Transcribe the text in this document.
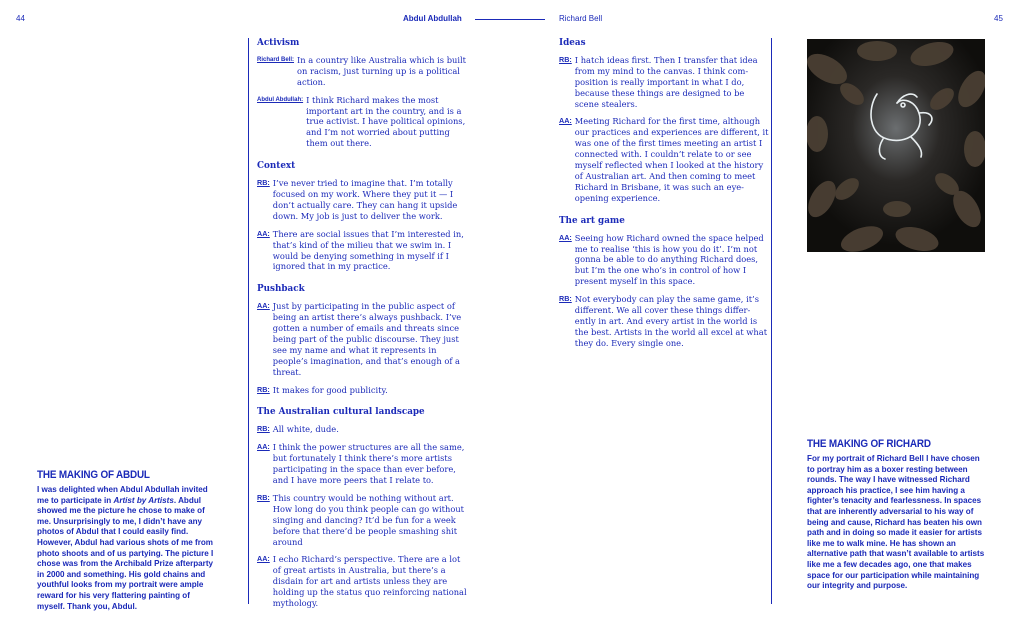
44	Abdul Abdullah	Richard Bell	45
Activism
Richard Bell: In a country like Australia which is built on racism, just turning up is a political action.
Abdul Abdullah: I think Richard makes the most important art in the country, and is a true activist. I have political opinions, and I’m not worried about putting them out there.
Context
RB: I’ve never tried to imagine that. I’m totally focused on my work. Where they put it — I don’t actually care. They can hang it upside down. My job is just to deliver the work.
AA: There are social issues that I’m interested in, that’s kind of the milieu that we swim in. I would be denying something in myself if I ignored that in my practice.
Pushback
AA: Just by participating in the public aspect of being an artist there’s always pushback. I’ve gotten a number of emails and threats since being part of the public discourse. They just see my name and what it represents in people’s imagination, and that’s enough of a threat.
RB: It makes for good publicity.
The Australian cultural landscape
RB: All white, dude.
AA: I think the power structures are all the same, but fortunately I think there’s more artists participating in the space than ever before, and I have more peers that I relate to.
RB: This country would be nothing without art. How long do you think people can go without singing and dancing? It’d be fun for a week before that there’d be people smashing shit around
AA: I echo Richard’s perspective. There are a lot of great artists in Australia, but there’s a disdain for art and artists unless they are holding up the status quo reinforcing national mythology.
Ideas
RB: I hatch ideas first. Then I transfer that idea from my mind to the canvas. I think com-position is really important in what I do, because these things are designed to be scene stealers.
AA: Meeting Richard for the first time, although our practices and experiences are different, it was one of the first times meeting an artist I connected with. I couldn’t relate to or see myself reflected when I looked at the history of Australian art. And then coming to meet Richard in Brisbane, it was such an eye-opening experience.
The art game
AA: Seeing how Richard owned the space helped me to realise ‘this is how you do it’. I’m not gonna be able to do anything Richard does, but I’m the one who’s in control of how I present myself in this space.
RB: Not everybody can play the same game, it’s different. We all cover these things differ-ently in art. And every artist in the world is the best. Artists in the world all excel at what they do. Every single one.
THE MAKING OF ABDUL
I was delighted when Abdul Abdullah invited me to participate in Artist by Artists. Abdul showed me the picture he chose to make of me. Unsurprisingly to me, I didn’t have any photos of Abdul that I could easily find. However, Abdul had various shots of me from photo shoots and of us partying. The picture I chose was from the Archibald Prize afterparty in 2000 and something. His gold chains and youthful looks from my portrait were ample reward for his very flattering painting of myself. Thank you, Abdul.
THE MAKING OF RICHARD
For my portrait of Richard Bell I have chosen to portray him as a boxer resting between rounds. The way I have witnessed Richard approach his practice, I see him having a fighter’s tenacity and fearlessness. In spaces that are inherently adversarial to his way of being and cause, Richard has beaten his own path and in doing so made it easier for artists like me to walk mine. He has shown an alternative path that wasn’t available to artists like me a few decades ago, one that makes space for our participation while maintaining our integrity and purpose.
